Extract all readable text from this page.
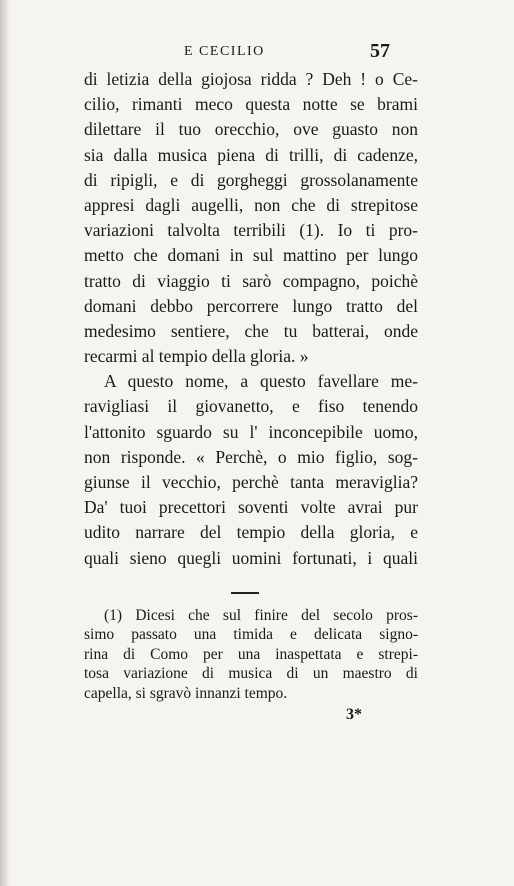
E CECILIO	57
di letizia della giojosa ridda ? Deh ! o Ce-
cilio, rimanti meco questa notte se brami
dilettare il tuo orecchio, ove guasto non
sia dalla musica piena di trilli, di cadenze,
di ripigli, e di gorgheggi grossolanamente
appresi dagli augelli, non che di strepitose
variazioni talvolta terribili (1). Io ti pro-
metto che domani in sul mattino per lungo
tratto di viaggio ti sarò compagno, poichè
domani debbo percorrere lungo tratto del
medesimo sentiere, che tu batterai, onde
recarmi al tempio della gloria. »
A questo nome, a questo favellare me-
ravigliasi il giovanetto, e fiso tenendo
l'attonito sguardo su l' inconcepibile uomo,
non risponde. « Perchè, o mio figlio, sog-
giunse il vecchio, perchè tanta meraviglia?
Da' tuoi precettori soventi volte avrai pur
udito narrare del tempio della gloria, e
quali sieno quegli uomini fortunati, i quali
(1) Dicesi che sul finire del secolo pros-
simo passato una timida e delicata signo-
rina di Como per una inaspettata e strepi-
tosa variazione di musica di un maestro di
capella, si sgravò innanzi tempo.
3*
